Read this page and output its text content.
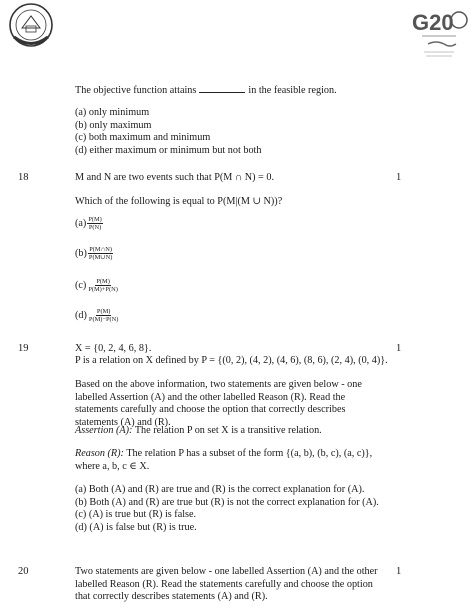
G20
The objective function attains	in the feasible region.
(a) only minimum
(b) only maximum
(c) both maximum and minimum
(d) either maximum or minimum but not both
18	1
M and N are two events such that P(M ∩ N) = 0.
Which of the following is equal to P(M|(M ∪ N))?
$(a) \frac{P(M)}{P(N)}$
$(b) \frac{P(M\cap N)}{P(M\cup N)}$
$(c) \frac{P(M)}{P(M)+P(N)}$
$(d) \frac{P(M)}{P(M)-P(N)}$
19	1
X = {0, 2, 4, 6, 8}.
P is a relation on X defined by P = {(0, 2), (4, 2), (4, 6), (8, 6), (2, 4), (0, 4)}.
Based on the above information, two statements are given below - one labelled Assertion (A) and the other labelled Reason (R). Read the statements carefully and choose the option that correctly describes statements (A) and (R).
Assertion (A): The relation P on set X is a transitive relation.
Reason (R): The relation P has a subset of the form {(a, b), (b, c), (a, c)}, where a, b, c ∈ X.
(a) Both (A) and (R) are true and (R) is the correct explanation for (A).
(b) Both (A) and (R) are true but (R) is not the correct explanation for (A).
(c) (A) is true but (R) is false.
(d) (A) is false but (R) is true.
20	1
Two statements are given below - one labelled Assertion (A) and the other labelled Reason (R). Read the statements carefully and choose the option that correctly describes statements (A) and (R).
